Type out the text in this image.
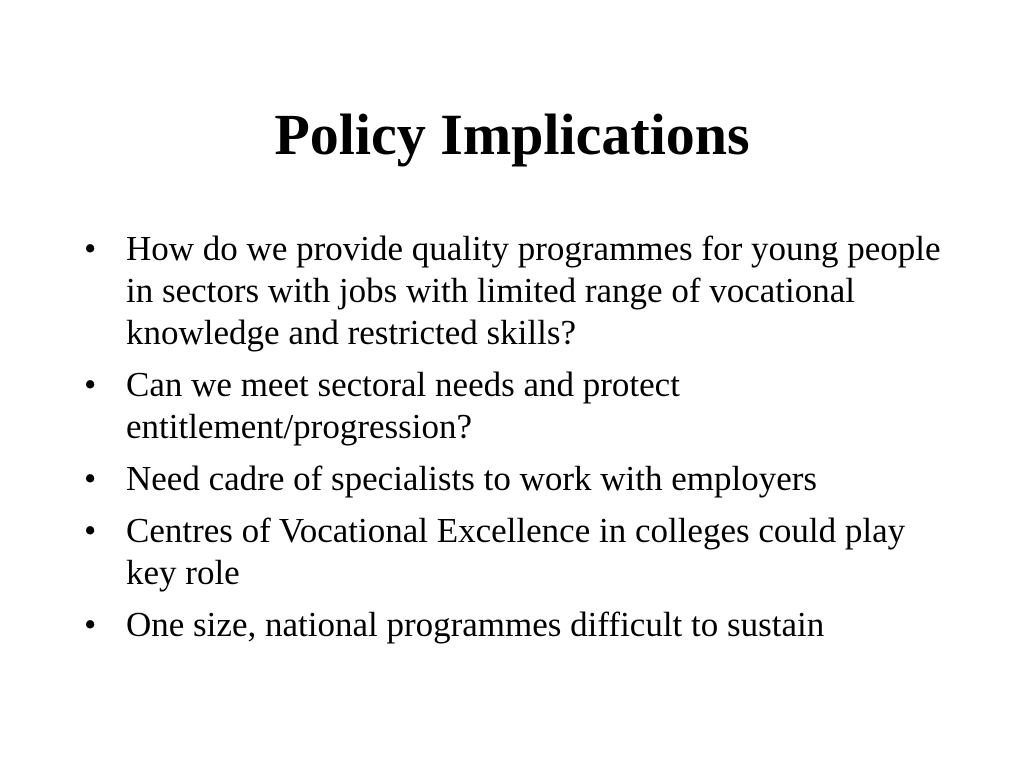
Policy Implications
• How do we provide quality programmes for young people in sectors with jobs with limited range of vocational knowledge and restricted skills?
• Can we meet sectoral needs and protect entitlement/progression?
• Need cadre of specialists to work with employers
• Centres of Vocational Excellence in colleges could play key role
• One size, national programmes difficult to sustain
